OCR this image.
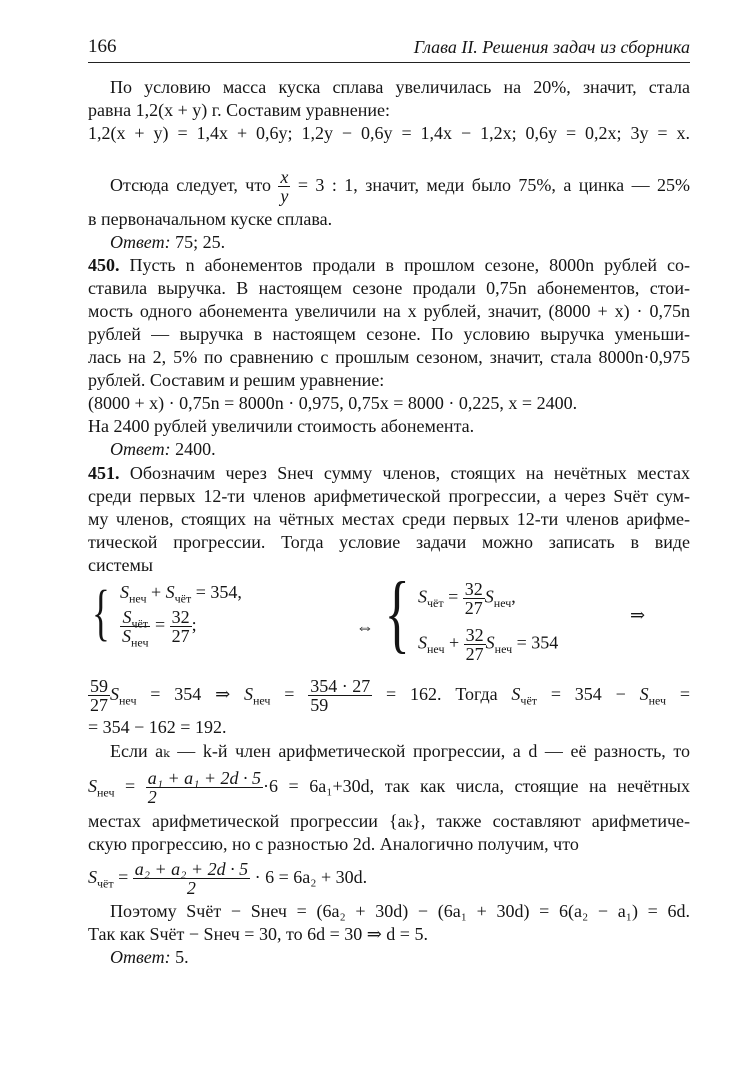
166	Глава II. Решения задач из сборника
По условию масса куска сплава увеличилась на 20%, значит, стала
равна 1,2(x + y) г. Составим уравнение:
1,2(x + y) = 1,4x + 0,6y; 1,2y − 0,6y = 1,4x − 1,2x; 0,6y = 0,2x; 3y = x.
Отсюда следует, что $\frac{x}{y} = 3$ : 1, значит, меди было 75%, а цинка — 25%
в первоначальном куске сплава.
Ответ: 75; 25.
450. Пусть n абонементов продали в прошлом сезоне, 8000n рублей со-
ставила выручка. В настоящем сезоне продали 0,75n абонементов, стои-
мость одного абонемента увеличили на x рублей, значит, (8000 + x) · 0,75n
рублей — выручка в настоящем сезоне. По условию выручка уменьши-
лась на 2, 5% по сравнению с прошлым сезоном, значит, стала 8000n·0,975
рублей. Составим и решим уравнение:
(8000 + x) · 0,75n = 8000n · 0,975, 0,75x = 8000 · 0,225, x = 2400.
На 2400 рублей увеличили стоимость абонемента.
Ответ: 2400.
451. Обозначим через Sнеч сумму членов, стоящих на нечётных местах
среди первых 12-ти членов арифметической прогрессии, а через Sчёт сум-
му членов, стоящих на чётных местах среди первых 12-ти членов арифме-
тической прогрессии. Тогда условие задачи можно записать в виде
системы
{ $S_{неч} + S_{чёт} = 354$,
$\frac{S_{чёт}}{S_{неч}} = \frac{32}{27}$ ;	⇔ { $S_{чёт} = \frac{32}{27} S_{неч}$,
$S_{неч} + \frac{32}{27} S_{неч} = 354$
⇒
$\frac{59}{27} S_{неч} = 354$ ⇒ $S_{неч} = \frac{354 \cdot 27}{59} = 162$. Тогда $S_{чёт} = 354 - S_{неч}$ =
= 354 − 162 = 192.
Если aₖ — k-й член арифметической прогрессии, а d — её разность, то
$S_{неч} = \frac{\text{a₁ + a₁ + 2d · 5}}{2} \cdot 6 = 6a_1+30d$, так как числа, стоящие на нечётных
местах арифметической прогрессии {aₖ}, также составляют арифметиче-
скую прогрессию, но с разностью 2d. Аналогично получим, что
$S_{чёт} = \frac{\text{a₂ + a₂ + 2d · 5}}{2} \cdot 6 = 6a_2 + 30d$.
Поэтому Sчёт − Sнеч = (6a₂ + 30d) − (6a₁ + 30d) = 6(a₂ − a₁) = 6d.
Так как Sчёт − Sнеч = 30, то 6d = 30 ⇒ d = 5.
Ответ: 5.
